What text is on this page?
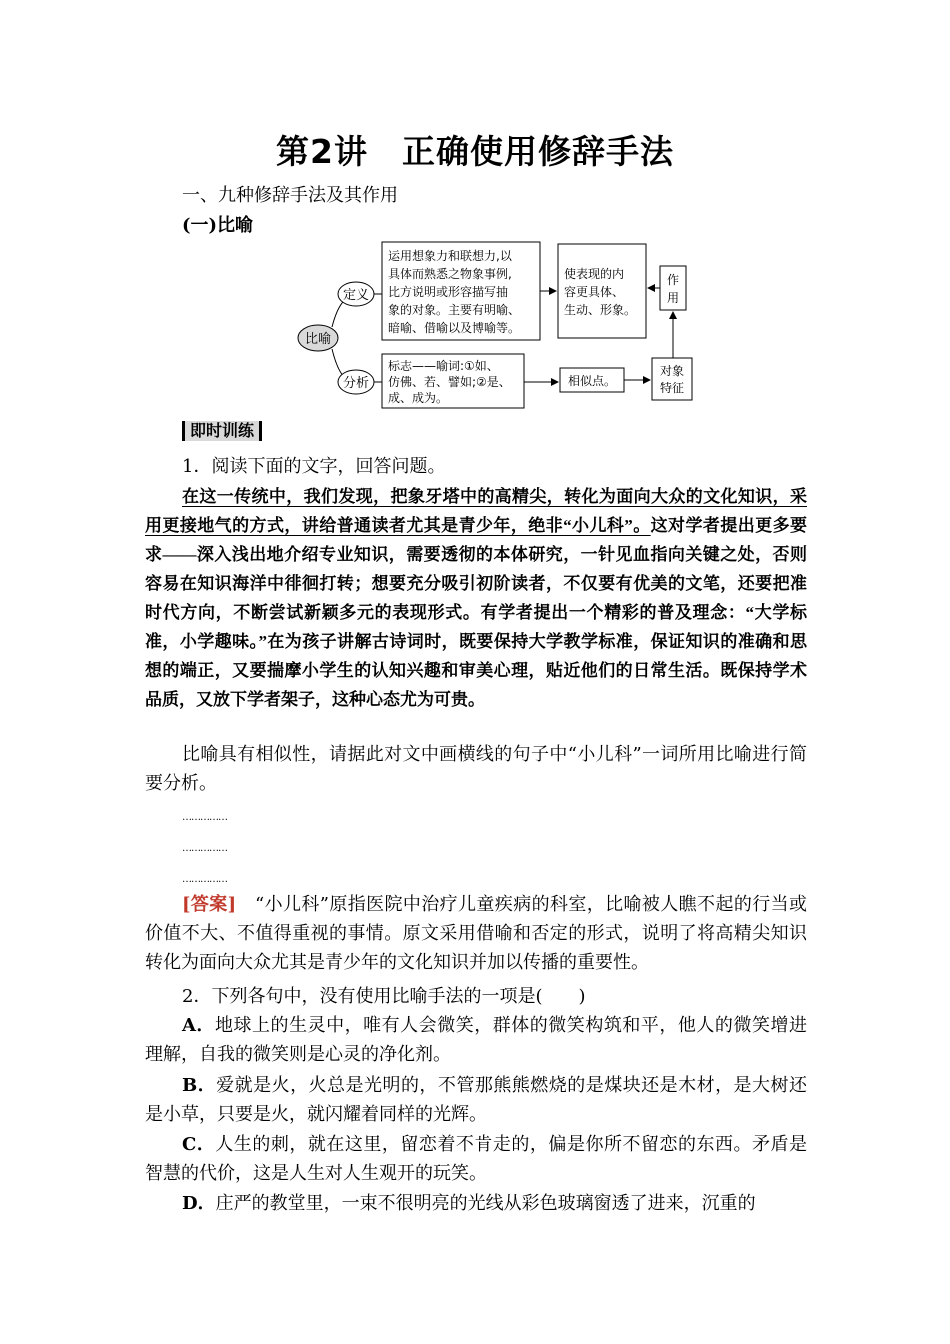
第2讲　正确使用修辞手法
一、九种修辞手法及其作用
(一)比喻
比喻
定义
分析
运用想象力和联想力,以
具体而熟悉之物象事例,
比方说明或形容描写抽
象的对象。主要有明喻、
暗喻、借喻以及博喻等。
使表现的内
容更具体、
生动、形象。
作
用
标志——喻词:①如、
仿佛、若、譬如;②是、
成、成为。
相似点。
对象
特征
即时训练
1．阅读下面的文字，回答问题。
在这一传统中，我们发现，把象牙塔中的高精尖，转化为面向大众的文化知识，采用更接地气的方式，讲给普通读者尤其是青少年，绝非“小儿科”。这对学者提出更多要求——深入浅出地介绍专业知识，需要透彻的本体研究，一针见血指向关键之处，否则容易在知识海洋中徘徊打转；想要充分吸引初阶读者，不仅要有优美的文笔，还要把准时代方向，不断尝试新颖多元的表现形式。有学者提出一个精彩的普及理念：“大学标准，小学趣味。”在为孩子讲解古诗词时，既要保持大学教学标准，保证知识的准确和思想的端正，又要揣摩小学生的认知兴趣和审美心理，贴近他们的日常生活。既保持学术品质，又放下学者架子，这种心态尤为可贵。
比喻具有相似性，请据此对文中画横线的句子中“小儿科”一词所用比喻进行简要分析。
……………
……………
……………
[答案]　 “小儿科”原指医院中治疗儿童疾病的科室，比喻被人瞧不起的行当或价值不大、不值得重视的事情。原文采用借喻和否定的形式，说明了将高精尖知识转化为面向大众尤其是青少年的文化知识并加以传播的重要性。
2．下列各句中，没有使用比喻手法的一项是(　　)
A．地球上的生灵中，唯有人会微笑，群体的微笑构筑和平，他人的微笑增进理解，自我的微笑则是心灵的净化剂。
B．爱就是火，火总是光明的，不管那熊熊燃烧的是煤块还是木材，是大树还是小草，只要是火，就闪耀着同样的光辉。
C．人生的刺，就在这里，留恋着不肯走的，偏是你所不留恋的东西。矛盾是智慧的代价，这是人生对人生观开的玩笑。
D．庄严的教堂里，一束不很明亮的光线从彩色玻璃窗透了进来，沉重的
